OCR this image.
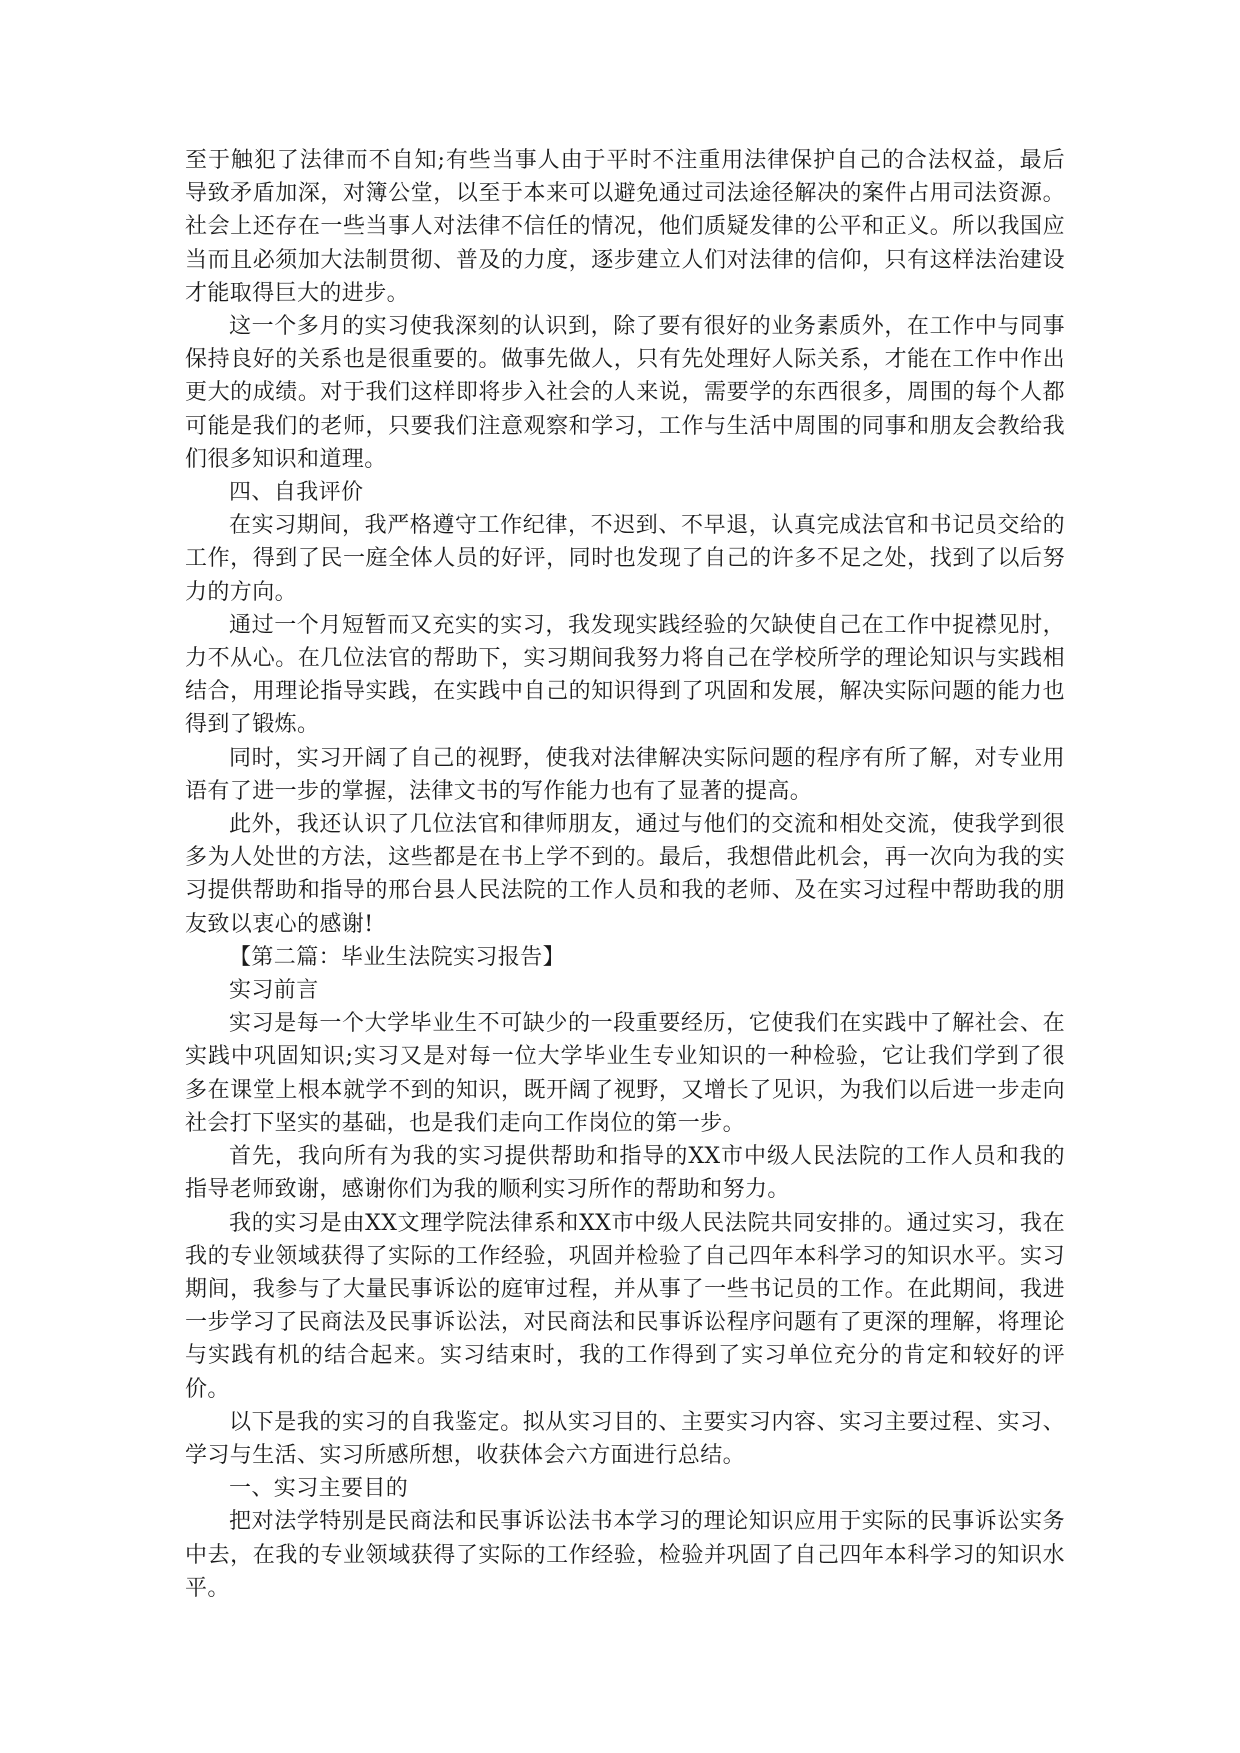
至于触犯了法律而不自知;有些当事人由于平时不注重用法律保护自己的合法权益，最后导致矛盾加深，对簿公堂，以至于本来可以避免通过司法途径解决的案件占用司法资源。社会上还存在一些当事人对法律不信任的情况，他们质疑发律的公平和正义。所以我国应当而且必须加大法制贯彻、普及的力度，逐步建立人们对法律的信仰，只有这样法治建设才能取得巨大的进步。

这一个多月的实习使我深刻的认识到，除了要有很好的业务素质外，在工作中与同事保持良好的关系也是很重要的。做事先做人，只有先处理好人际关系，才能在工作中作出更大的成绩。对于我们这样即将步入社会的人来说，需要学的东西很多，周围的每个人都可能是我们的老师，只要我们注意观察和学习，工作与生活中周围的同事和朋友会教给我们很多知识和道理。

四、自我评价

在实习期间，我严格遵守工作纪律，不迟到、不早退，认真完成法官和书记员交给的工作，得到了民一庭全体人员的好评，同时也发现了自己的许多不足之处，找到了以后努力的方向。

通过一个月短暂而又充实的实习，我发现实践经验的欠缺使自己在工作中捉襟见肘，力不从心。在几位法官的帮助下，实习期间我努力将自己在学校所学的理论知识与实践相结合，用理论指导实践，在实践中自己的知识得到了巩固和发展，解决实际问题的能力也得到了锻炼。

同时，实习开阔了自己的视野，使我对法律解决实际问题的程序有所了解，对专业用语有了进一步的掌握，法律文书的写作能力也有了显著的提高。

此外，我还认识了几位法官和律师朋友，通过与他们的交流和相处交流，使我学到很多为人处世的方法，这些都是在书上学不到的。最后，我想借此机会，再一次向为我的实习提供帮助和指导的邢台县人民法院的工作人员和我的老师、及在实习过程中帮助我的朋友致以衷心的感谢!

【第二篇：毕业生法院实习报告】

实习前言

实习是每一个大学毕业生不可缺少的一段重要经历，它使我们在实践中了解社会、在实践中巩固知识;实习又是对每一位大学毕业生专业知识的一种检验，它让我们学到了很多在课堂上根本就学不到的知识，既开阔了视野，又增长了见识，为我们以后进一步走向社会打下坚实的基础，也是我们走向工作岗位的第一步。

首先，我向所有为我的实习提供帮助和指导的XX市中级人民法院的工作人员和我的指导老师致谢，感谢你们为我的顺利实习所作的帮助和努力。

我的实习是由XX文理学院法律系和XX市中级人民法院共同安排的。通过实习，我在我的专业领域获得了实际的工作经验，巩固并检验了自己四年本科学习的知识水平。实习期间，我参与了大量民事诉讼的庭审过程，并从事了一些书记员的工作。在此期间，我进一步学习了民商法及民事诉讼法，对民商法和民事诉讼程序问题有了更深的理解，将理论与实践有机的结合起来。实习结束时，我的工作得到了实习单位充分的肯定和较好的评价。

以下是我的实习的自我鉴定。拟从实习目的、主要实习内容、实习主要过程、实习、学习与生活、实习所感所想，收获体会六方面进行总结。

一、实习主要目的

把对法学特别是民商法和民事诉讼法书本学习的理论知识应用于实际的民事诉讼实务中去，在我的专业领域获得了实际的工作经验，检验并巩固了自己四年本科学习的知识水平。
